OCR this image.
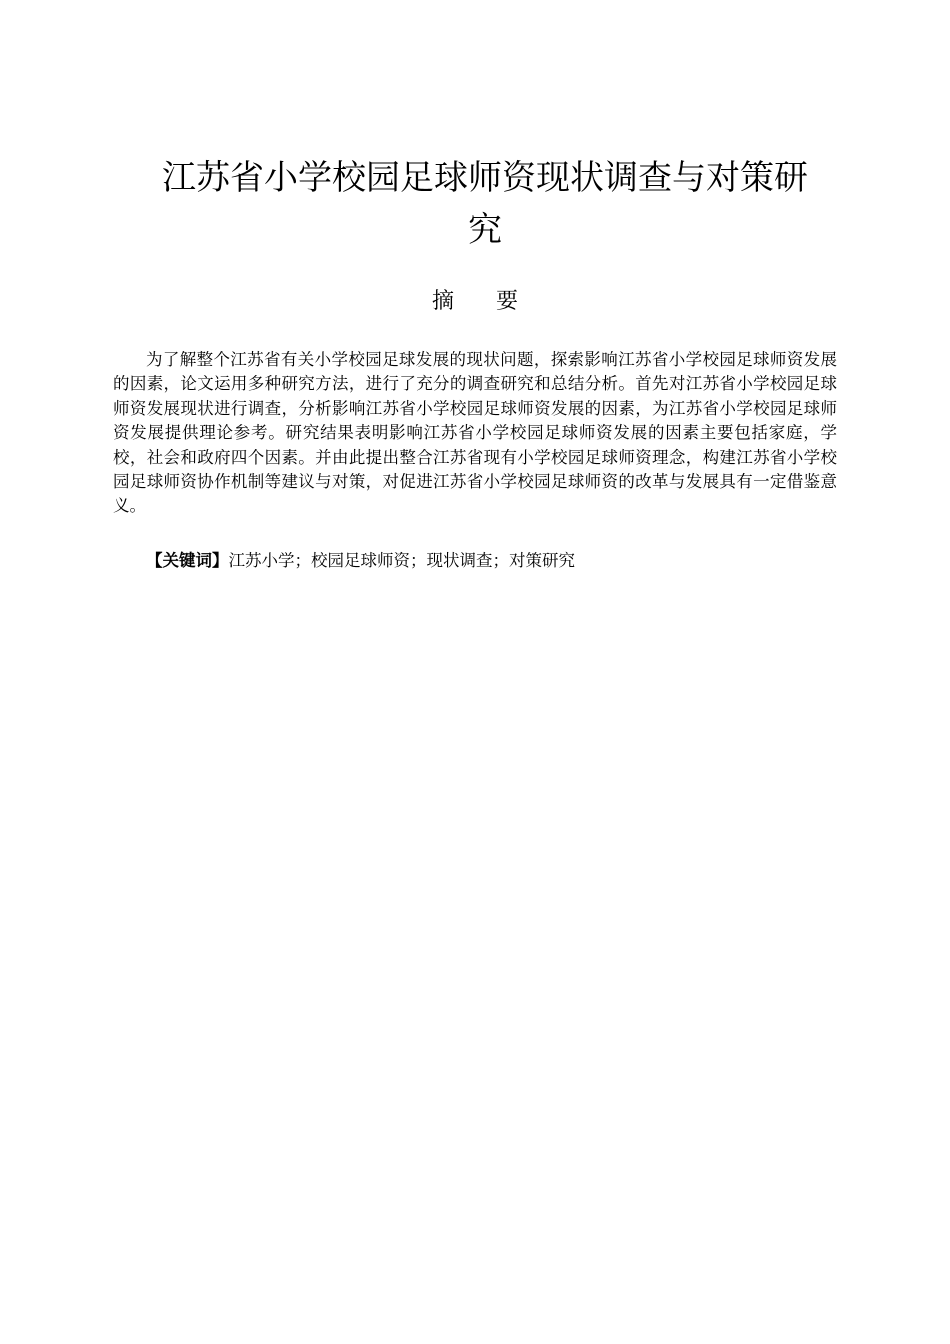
江苏省小学校园足球师资现状调查与对策研
究
摘 要

为了解整个江苏省有关小学校园足球发展的现状问题，探索影响江苏省小学校园足球师资发展的因素，论文运用多种研究方法，进行了充分的调查研究和总结分析。首先对江苏省小学校园足球师资发展现状进行调查，分析影响江苏省小学校园足球师资发展的因素，为江苏省小学校园足球师资发展提供理论参考。研究结果表明影响江苏省小学校园足球师资发展的因素主要包括家庭，学校，社会和政府四个因素。并由此提出整合江苏省现有小学校园足球师资理念，构建江苏省小学校园足球师资协作机制等建议与对策，对促进江苏省小学校园足球师资的改革与发展具有一定借鉴意义。

【关键词】江苏小学；校园足球师资；现状调查；对策研究
